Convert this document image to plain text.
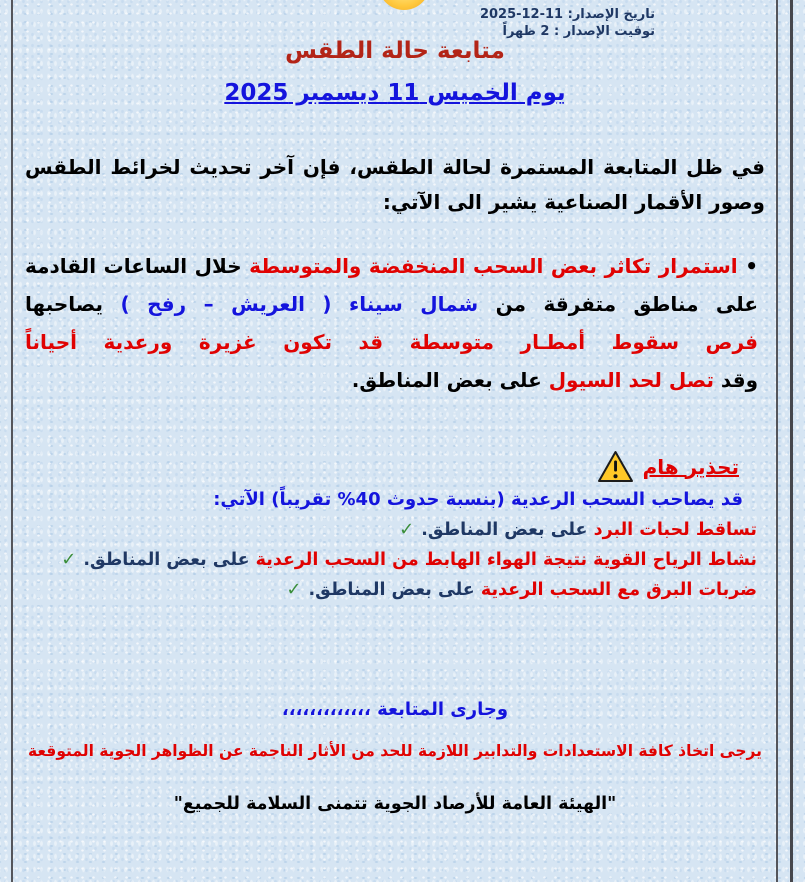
تاريخ الإصدار: 2025-12-11
توقيت الإصدار : 2 ظهراً
متابعة حالة الطقس
يوم الخميس 11 ديسمبر 2025
في ظل المتابعة المستمرة لحالة الطقس، فإن آخر تحديث لخرائط الطقس
وصور الأقمار الصناعية يشير الى الآتي:
• استمرار تكاثر بعض السحب المنخفضة والمتوسطة خلال الساعات القادمة
على مناطق متفرقة من شمال سيناء ( العريش – رفح ) يصاحبها
فرص سقوط أمطـار متوسطة قد تكون غزيرة ورعدية أحياناً
وقد تصل لحد السيول على بعض المناطق.
تحذير هام
قد يصاحب السحب الرعدية (بنسبة حدوث 40% تقريباً) الآتي:
تساقط لحبات البرد على بعض المناطق.✓
نشاط الرياح القوية نتيجة الهواء الهابط من السحب الرعدية على بعض المناطق.✓
ضربات البرق مع السحب الرعدية على بعض المناطق.✓
وجارى المتابعة ،،،،،،،،،،،،،
يرجى اتخاذ كافة الاستعدادات والتدابير اللازمة للحد من الأثار الناجمة عن الظواهر الجوية المتوقعة
"الهيئة العامة للأرصاد الجوية تتمنى السلامة للجميع"
